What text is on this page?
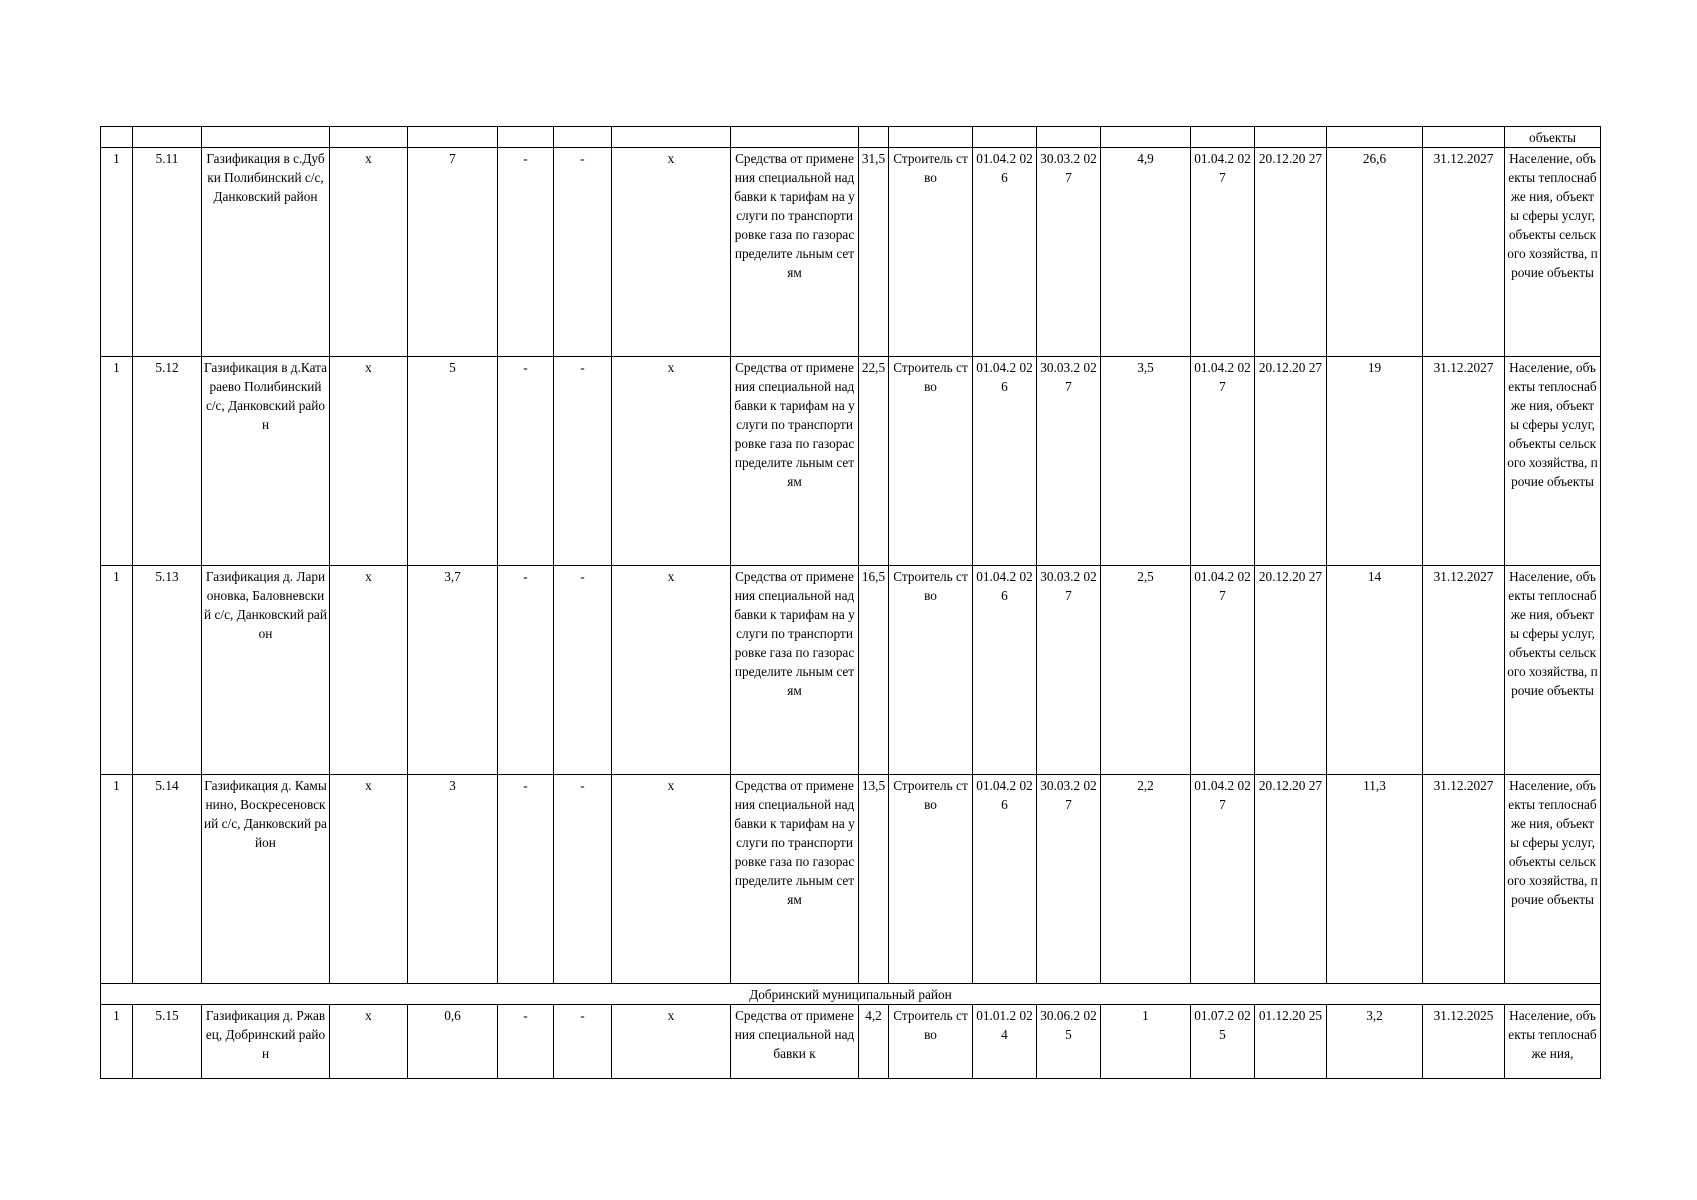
																		объекты
1	5.11	Газификация в с.Дубки Полибинский с/с, Данковский район	х	7	-	-	х	Средства от применения специальной надбавки к тарифам на услуги по транспортировке газа по газораспределите льным сетям	31,5	Строитель ство	01.04.2 026	30.03.2 027	4,9	01.04.2 027	20.12.20 27	26,6	31.12.2027	Население, объекты теплоснабже ния, объекты сферы услуг, объекты сельского хозяйства, прочие объекты
1	5.12	Газификация в д.Катараево Полибинский с/с, Данковский район	х	5	-	-	х	Средства от применения специальной надбавки к тарифам на услуги по транспортировке газа по газораспределите льным сетям	22,5	Строитель ство	01.04.2 026	30.03.2 027	3,5	01.04.2 027	20.12.20 27	19	31.12.2027	Население, объекты теплоснабже ния, объекты сферы услуг, объекты сельского хозяйства, прочие объекты
1	5.13	Газификация д. Ларионовка, Баловневский с/с, Данковский район	х	3,7	-	-	х	Средства от применения специальной надбавки к тарифам на услуги по транспортировке газа по газораспределите льным сетям	16,5	Строитель ство	01.04.2 026	30.03.2 027	2,5	01.04.2 027	20.12.20 27	14	31.12.2027	Население, объекты теплоснабже ния, объекты сферы услуг, объекты сельского хозяйства, прочие объекты
1	5.14	Газификация д. Камынино, Воскресеновский с/с, Данковский район	х	3	-	-	х	Средства от применения специальной надбавки к тарифам на услуги по транспортировке газа по газораспределите льным сетям	13,5	Строитель ство	01.04.2 026	30.03.2 027	2,2	01.04.2 027	20.12.20 27	11,3	31.12.2027	Население, объекты теплоснабже ния, объекты сферы услуг, объекты сельского хозяйства, прочие объекты
Добринский муниципальный район																		
1	5.15	Газификация д. Ржавец, Добринский район	х	0,6	-	-	х	Средства от применения специальной надбавки к	4,2	Строитель ство	01.01.2 024	30.06.2 025	1	01.07.2 025	01.12.20 25	3,2	31.12.2025	Население, объекты теплоснабже ния,
